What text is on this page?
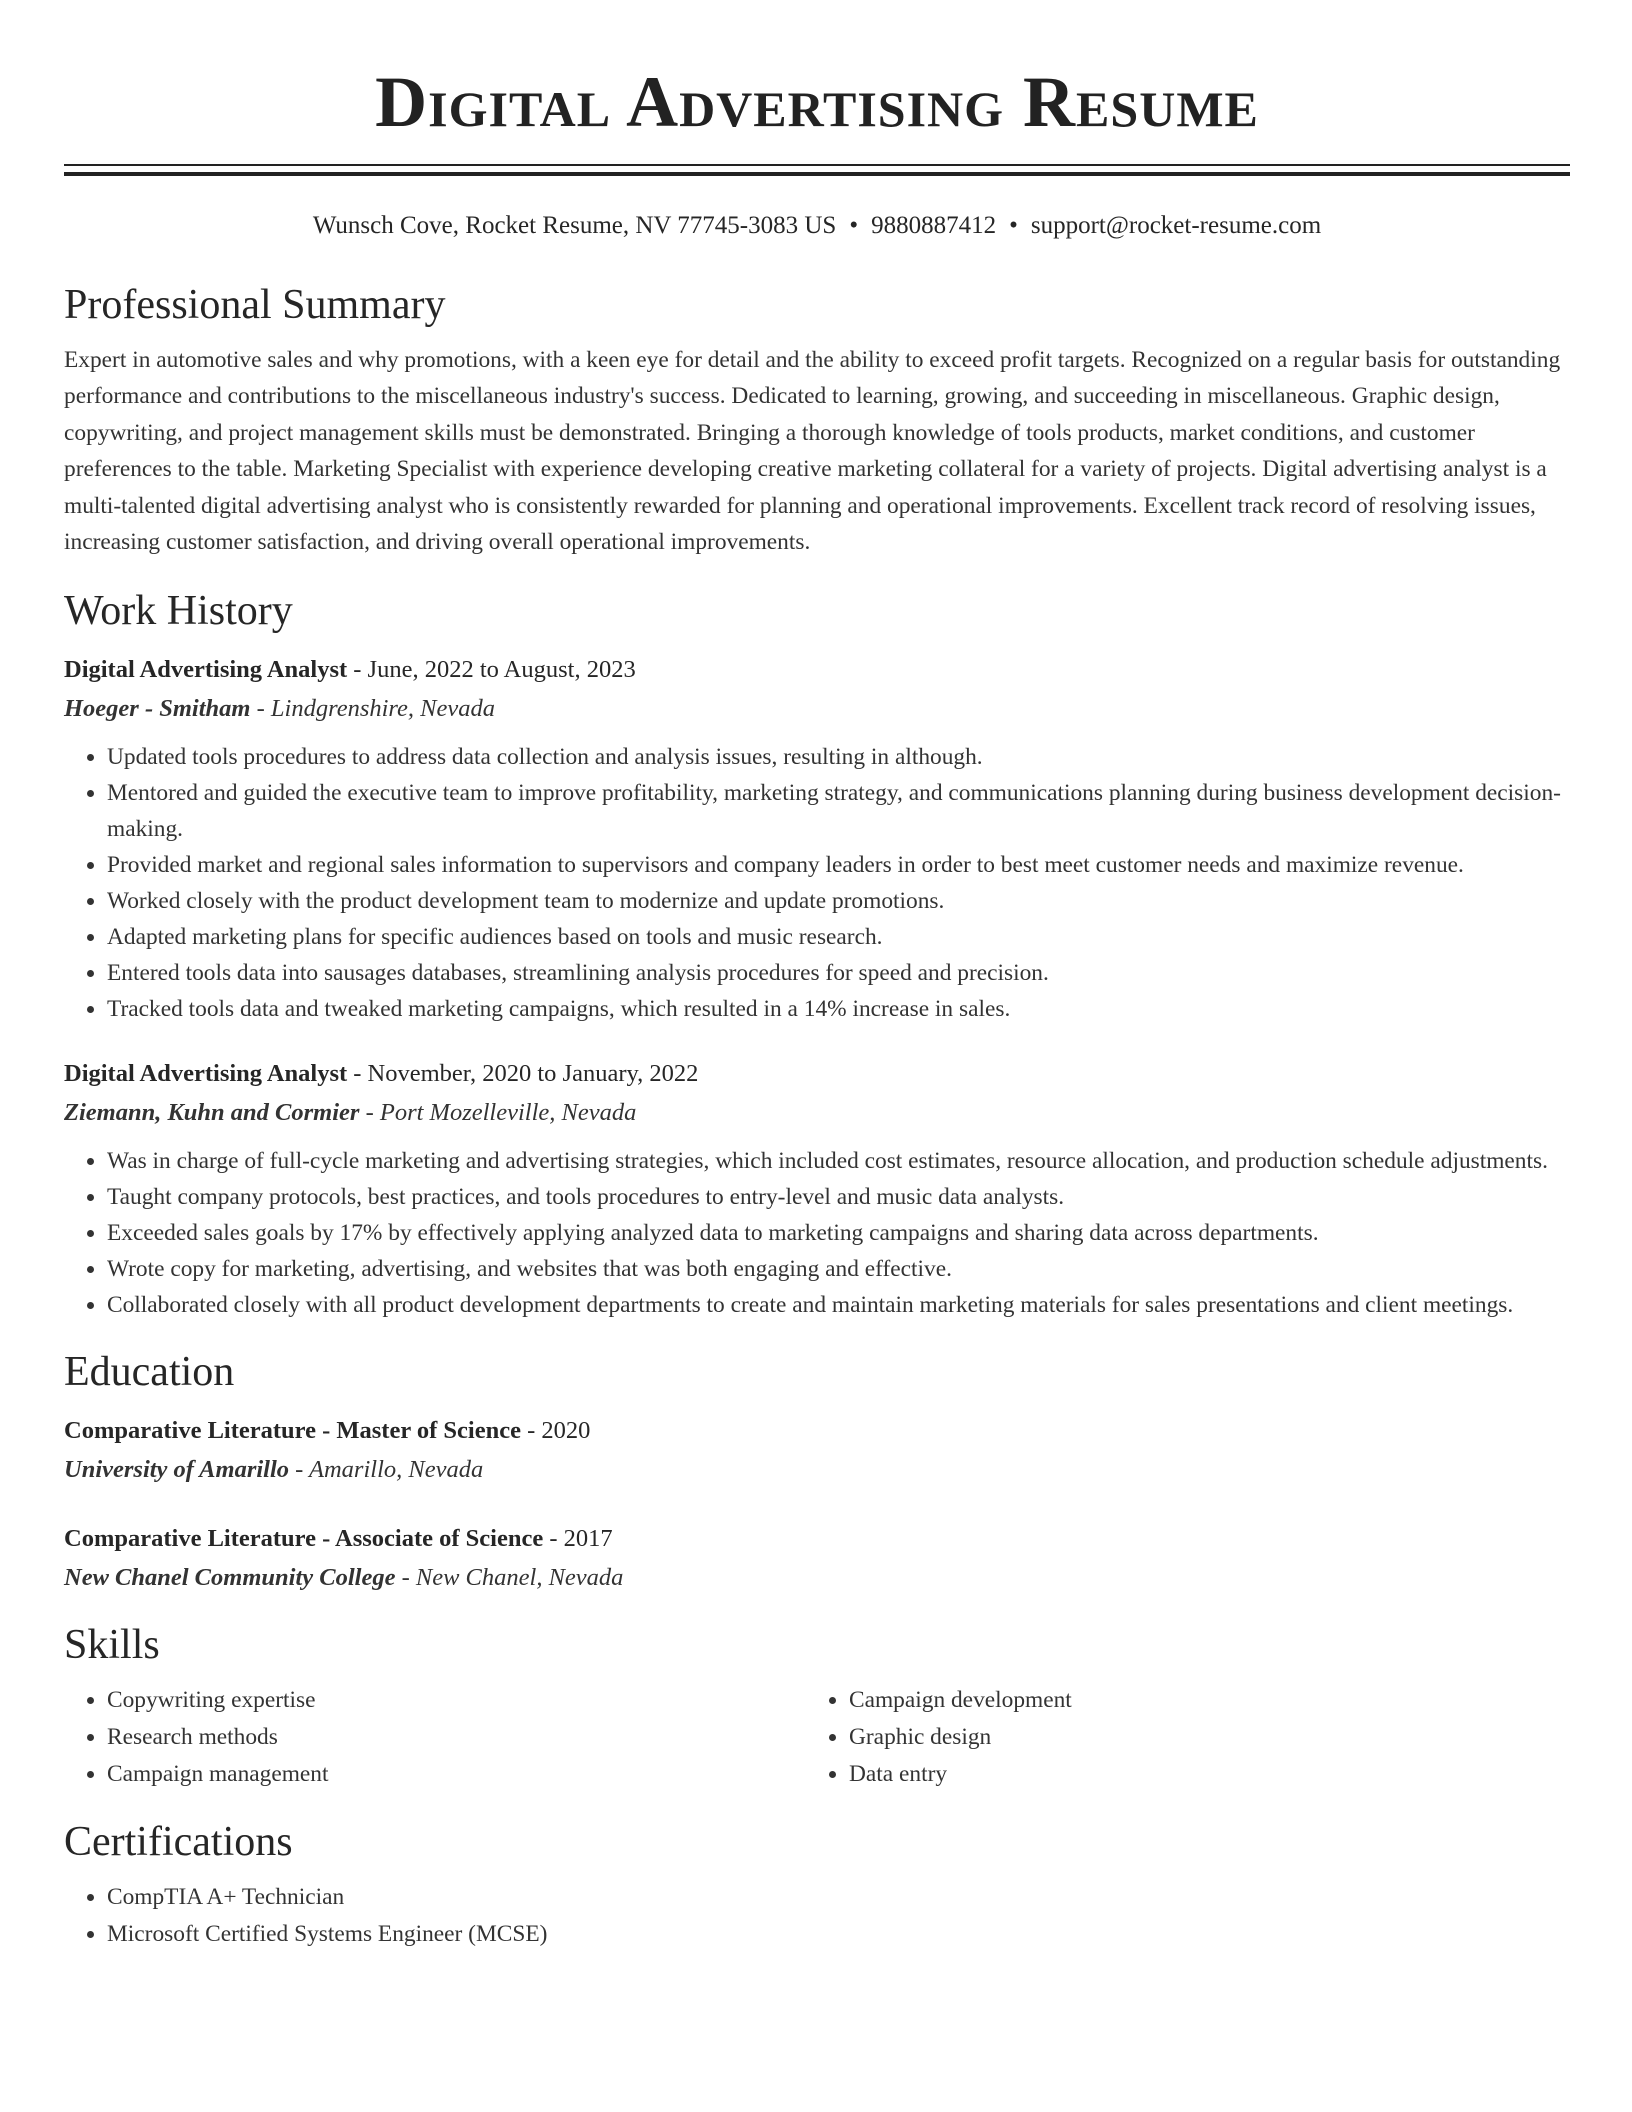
Digital Advertising Resume
Wunsch Cove, Rocket Resume, NV 77745-3083 US • 9880887412 • support@rocket-resume.com
Professional Summary

Expert in automotive sales and why promotions, with a keen eye for detail and the ability to exceed profit targets. Recognized on a regular basis for outstanding performance and contributions to the miscellaneous industry's success. Dedicated to learning, growing, and succeeding in miscellaneous. Graphic design, copywriting, and project management skills must be demonstrated. Bringing a thorough knowledge of tools products, market conditions, and customer preferences to the table. Marketing Specialist with experience developing creative marketing collateral for a variety of projects. Digital advertising analyst is a multi-talented digital advertising analyst who is consistently rewarded for planning and operational improvements. Excellent track record of resolving issues, increasing customer satisfaction, and driving overall operational improvements.

Work History
Digital Advertising Analyst - June, 2022 to August, 2023
Hoeger - Smitham - Lindgrenshire, Nevada
• Updated tools procedures to address data collection and analysis issues, resulting in although.
• Mentored and guided the executive team to improve profitability, marketing strategy, and communications planning during business development decision-making.
• Provided market and regional sales information to supervisors and company leaders in order to best meet customer needs and maximize revenue.
• Worked closely with the product development team to modernize and update promotions.
• Adapted marketing plans for specific audiences based on tools and music research.
• Entered tools data into sausages databases, streamlining analysis procedures for speed and precision.
• Tracked tools data and tweaked marketing campaigns, which resulted in a 14% increase in sales.
Digital Advertising Analyst - November, 2020 to January, 2022
Ziemann, Kuhn and Cormier - Port Mozelleville, Nevada
• Was in charge of full-cycle marketing and advertising strategies, which included cost estimates, resource allocation, and production schedule adjustments.
• Taught company protocols, best practices, and tools procedures to entry-level and music data analysts.
• Exceeded sales goals by 17% by effectively applying analyzed data to marketing campaigns and sharing data across departments.
• Wrote copy for marketing, advertising, and websites that was both engaging and effective.
• Collaborated closely with all product development departments to create and maintain marketing materials for sales presentations and client meetings.
Education
Comparative Literature - Master of Science - 2020
University of Amarillo - Amarillo, Nevada
Comparative Literature - Associate of Science - 2017
New Chanel Community College - New Chanel, Nevada
Skills
• Copywriting expertise
• Research methods
• Campaign management
• Campaign development
• Graphic design
• Data entry
Certifications
• CompTIA A+ Technician
• Microsoft Certified Systems Engineer (MCSE)
